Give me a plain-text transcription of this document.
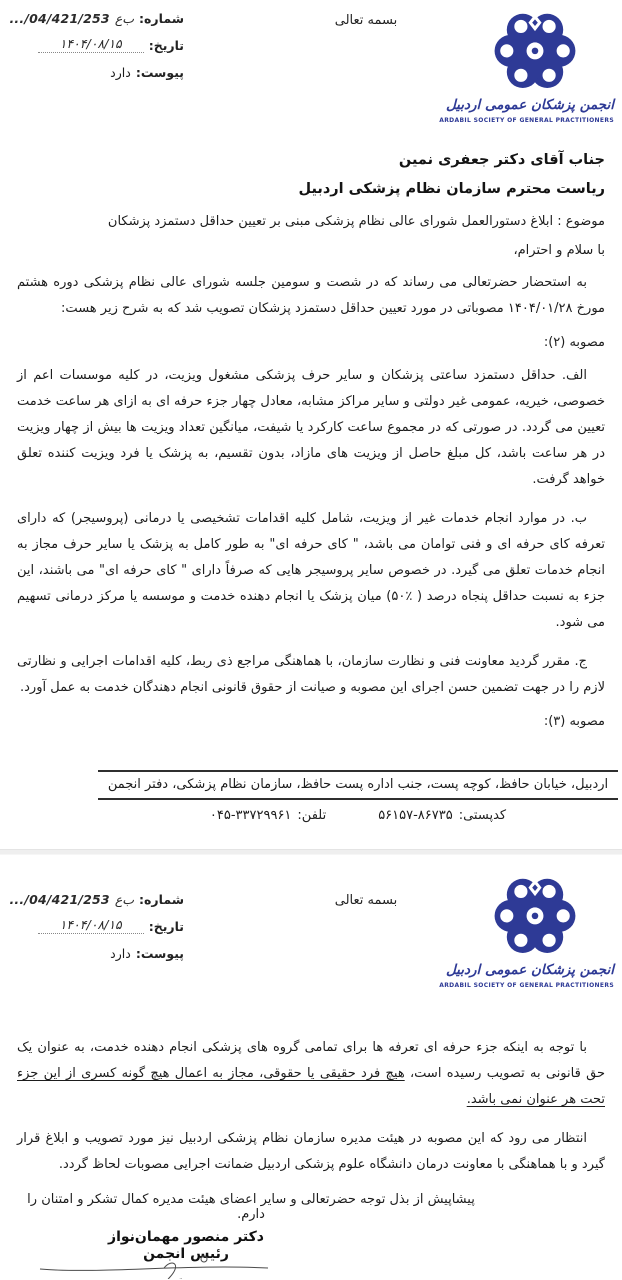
شماره:
ب‌ع
.../04/421/253
تاریخ:
۱۴۰۴/۰۸/۱۵
پیوست:
دارد
بسمه تعالی
انجمن پزشکان عمومی اردبیل
ARDABIL SOCIETY OF GENERAL PRACTITIONERS

جناب آقای دکتر جعفری نمین

ریاست محترم سازمان نظام پزشکی اردبیل

موضوع : ابلاغ دستورالعمل شورای عالی نظام پزشکی مبنی بر تعیین حداقل دستمزد پزشکان

با سلام و احترام،

به استحضار حضرتعالی می رساند که در شصت و سومین جلسه شورای عالی نظام پزشکی دوره هشتم مورخ ‪۱۴۰۴/۰۱/۲۸‬ مصوباتی در مورد تعیین حداقل دستمزد پزشکان تصویب شد که به شرح زیر هست:

مصوبه (۲):

الف. حداقل دستمزد ساعتی پزشکان و سایر حرف پزشکی مشغول ویزیت، در کلیه موسسات اعم از خصوصی، خیریه، عمومی غیر دولتی و سایر مراکز مشابه، معادل چهار جزء حرفه ای به ازای هر ساعت خدمت تعیین می گردد. در صورتی که در مجموع ساعت کارکرد یا شیفت، میانگین تعداد ویزیت ها بیش از چهار ویزیت در هر ساعت باشد، کل مبلغ حاصل از ویزیت های مازاد، بدون تقسیم، به پزشک یا فرد ویزیت کننده تعلق خواهد گرفت.

ب. در موارد انجام خدمات غیر از ویزیت، شامل کلیه اقدامات تشخیصی یا درمانی (پروسیجر) که دارای تعرفه کای حرفه ای و فنی توامان می باشد، " کای حرفه ای" به طور کامل به پزشک یا سایر حرف مجاز به انجام خدمات تعلق می گیرد. در خصوص سایر پروسیجر هایی که صرفاً دارای " کای حرفه ای" می باشند، این جزء به نسبت حداقل پنجاه درصد ( ‪۵۰٪‬) میان پزشک یا انجام دهنده خدمت و موسسه یا مرکز درمانی تسهیم می شود.

ج. مقرر گردید معاونت فنی و نظارت سازمان، با هماهنگی مراجع ذی ربط، کلیه اقدامات اجرایی و نظارتی لازم را در جهت تضمین حسن اجرای این مصوبه و صیانت از حقوق قانونی انجام دهندگان خدمت به عمل آورد.

مصوبه (۳):

اردبیل، خیابان حافظ، کوچه پست، جنب اداره پست حافظ، سازمان نظام پزشکی، دفتر انجمن
کدپستی:
۵۶۱۵۷-۸۶۷۳۵
تلفن:
۰۴۵-۳۳۷۲۹۹۶۱
شماره:
ب‌ع
.../04/421/253
تاریخ:
۱۴۰۴/۰۸/۱۵
پیوست:
دارد
بسمه تعالی
انجمن پزشکان عمومی اردبیل
ARDABIL SOCIETY OF GENERAL PRACTITIONERS

با توجه به اینکه جزء حرفه ای تعرفه ها برای تمامی گروه های پزشکی انجام دهنده خدمت، به عنوان یک حق قانونی به تصویب رسیده است، هیچ فرد حقیقی یا حقوقی، مجاز به اعمال هیچ گونه کسری از این جزء تحت هر عنوان نمی باشد.

انتظار می رود که این مصوبه در هیئت مدیره سازمان نظام پزشکی اردبیل نیز مورد تصویب و ابلاغ قرار گیرد و با هماهنگی با معاونت درمان دانشگاه علوم پزشکی اردبیل ضمانت اجرایی مصوبات لحاظ گردد.

پیشاپیش از بذل توجه حضرتعالی و سایر اعضای هیئت مدیره کمال تشکر و امتنان را دارم.

دکتر منصور مهمان‌نواز
رئیس انجمن
